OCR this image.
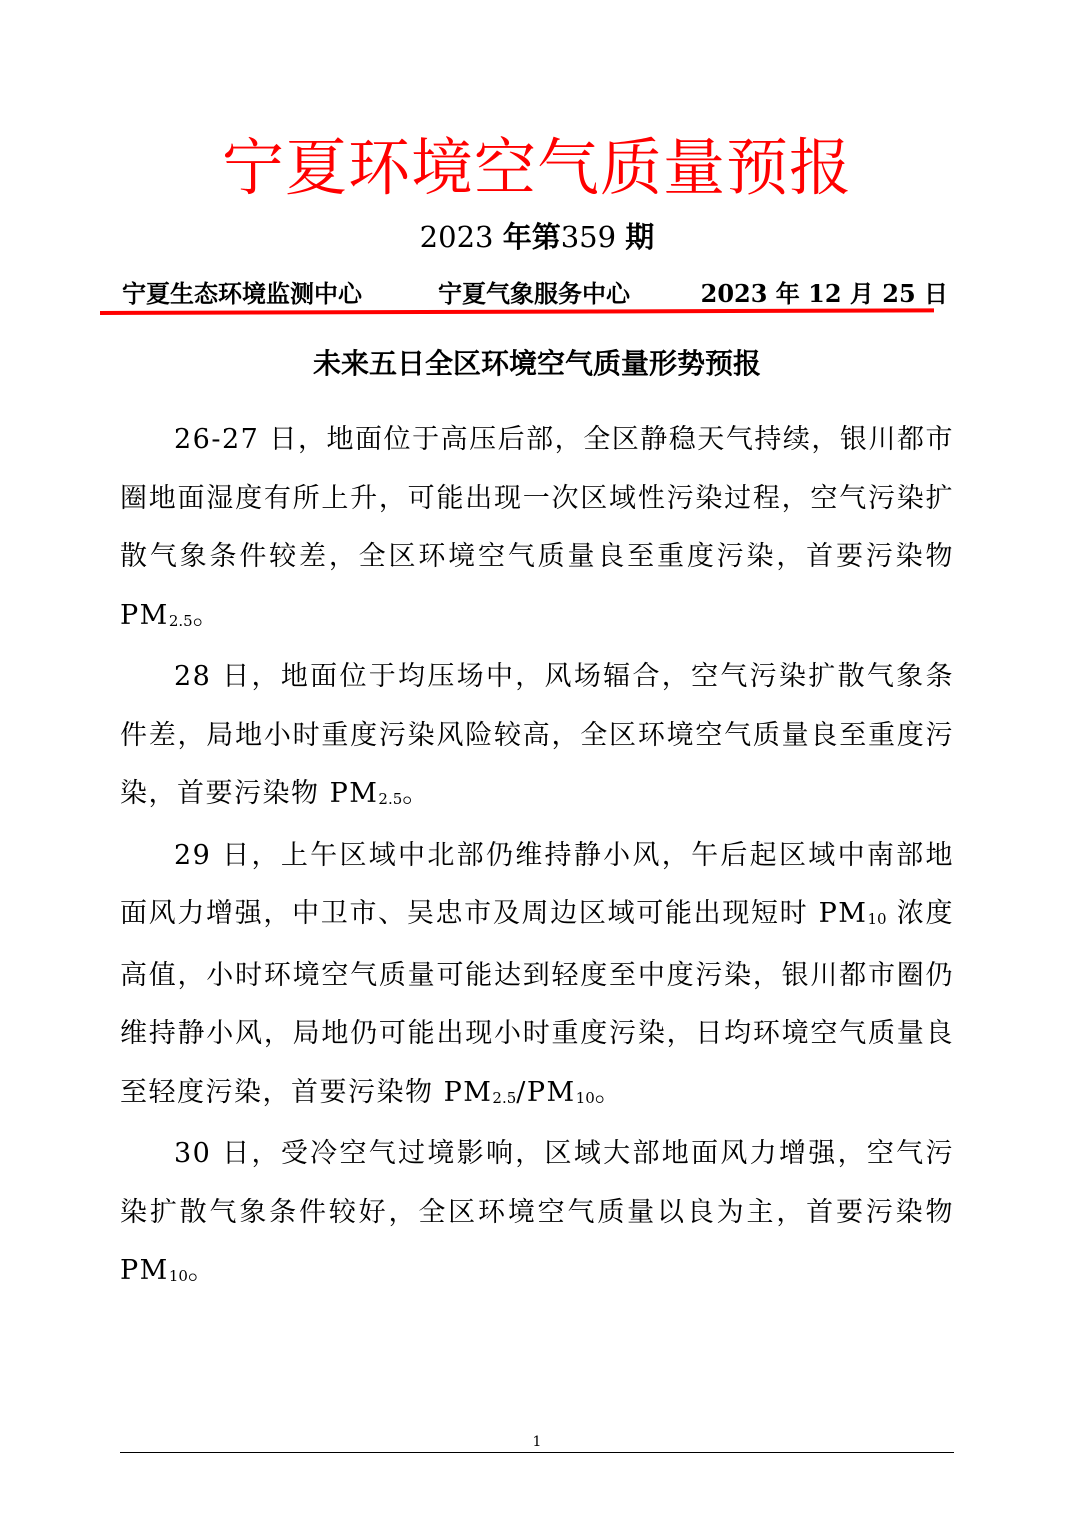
宁夏环境空气质量预报
2023 年第359 期
宁夏生态环境监测中心	宁夏气象服务中心	2023 年 12 月 25 日
未来五日全区环境空气质量形势预报

26-27 日，地面位于高压后部，全区静稳天气持续，银川都市圈地面湿度有所上升，可能出现一次区域性污染过程，空气污染扩散气象条件较差，全区环境空气质量良至重度污染，首要污染物 $PM_{2.5}$。

28 日，地面位于均压场中，风场辐合，空气污染扩散气象条件差，局地小时重度污染风险较高，全区环境空气质量良至重度污染，首要污染物 $PM_{2.5}$。

29 日，上午区域中北部仍维持静小风，午后起区域中南部地面风力增强，中卫市、吴忠市及周边区域可能出现短时 $PM_{10}$ 浓度高值，小时环境空气质量可能达到轻度至中度污染，银川都市圈仍维持静小风，局地仍可能出现小时重度污染，日均环境空气质量良至轻度污染，首要污染物 $PM_{2.5}/PM_{10}$。

30 日，受冷空气过境影响，区域大部地面风力增强，空气污染扩散气象条件较好，全区环境空气质量以良为主，首要污染物 $PM_{10}$。

1
